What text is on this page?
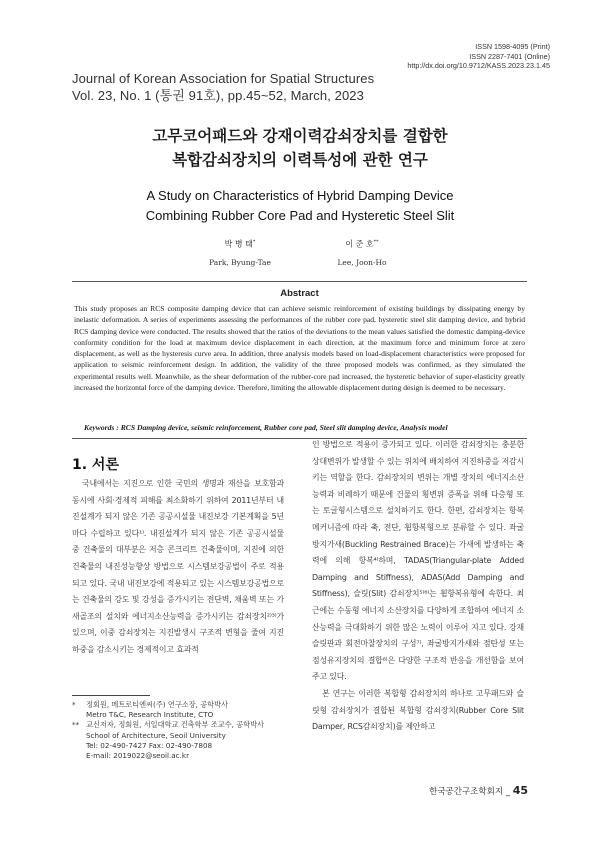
ISSN 1598-4095 (Print)
ISSN 2287-7401 (Online)
http://dx.doi.org/10.9712/KASS.2023.23.1.45
Journal of Korean Association for Spatial Structures
Vol. 23, No. 1 (통권 91호), pp.45~52, March, 2023
고무코어패드와 강재이력감쇠장치를 결합한
복합감쇠장치의 이력특성에 관한 연구
A Study on Characteristics of Hybrid Damping Device
Combining Rubber Core Pad and Hysteretic Steel Slit
박 병 태*
Park, Byung-Tae
이 준 호**
Lee, Joon-Ho
Abstract
This study proposes an RCS composite damping device that can achieve seismic reinforcement of existing buildings by dissipating energy by inelastic deformation. A series of experiments assessing the performances of the rubber core pad, hysteretic steel slit damping device, and hybrid RCS damping device were conducted. The results showed that the ratios of the deviations to the mean values satisfied the domestic damping-device conformity condition for the load at maximum device displacement in each direction, at the maximum force and minimum force at zero displacement, as well as the hysteresis curve area. In addition, three analysis models based on load-displacement characteristics were proposed for application to seismic reinforcement design. In addition, the validity of the three proposed models was confirmed, as they simulated the experimental results well. Meanwhile, as the shear deformation of the rubber-core pad increased, the hysteretic behavior of super-elasticity greatly increased the horizontal force of the damping device. Therefore, limiting the allowable displacement during design is deemed to be necessary.
Keywords : RCS Damping device, seismic reinforcement, Rubber core pad, Steel slit damping device, Analysis model
1. 서론

국내에서는 지진으로 인한 국민의 생명과 재산을 보호함과 동시에 사회·경제적 피해를 최소화하기 위하여 2011년부터 내진설계가 되지 않은 기존 공공시설물 내진보강 기본계획을 5년마다 수립하고 있다¹⁾. 내진설계가 되지 않은 기존 공공시설물 중 건축물의 대부분은 저층 콘크리트 건축물이며, 지진에 의한 건축물의 내진성능향상 방법으로 시스템보강공법이 주로 적용되고 있다. 국내 내진보강에 적용되고 있는 시스템보강공법으로는 건축물의 강도 및 강성을 증가시키는 전단벽, 채움벽 또는 가새골조의 설치와 에너지소산능력을 증가시키는 감쇠장치²⁾³⁾가 있으며, 이중 감쇠장치는 지진발생시 구조적 변형을 줄여 지진하중을 감소시키는 경제적이고 효과적

인 방법으로 적용이 증가되고 있다. 이러한 감쇠장치는 충분한 상대변위가 발생할 수 있는 위치에 배치하여 지진하중을 저감시키는 역할을 한다. 감쇠장치의 변위는 개별 장치의 에너지소산능력과 비례하기 때문에 건물의 횡변위 증폭을 위해 다층형 또는 토글형시스템으로 설치하기도 한다. 한편, 감쇠장치는 항복메커니즘에 따라 축, 전단, 휨항복형으로 분류할 수 있다. 좌굴방지가새(Buckling Restrained Brace)는 가새에 발생하는 축력에 의해 항복⁴⁾하며, TADAS(Triangular-plate Added Damping and Stiffness), ADAS(Add Damping and Stiffness), 슬릿(Slit) 감쇠장치⁵⁾⁶⁾는 휨항복유형에 속한다. 최근에는 수동형 에너지 소산장치를 다양하게 조합하여 에너지 소산능력을 극대화하기 위한 많은 노력이 이루어 지고 있다. 강재슬릿판과 회전마찰장치의 구성⁷⁾, 좌굴방지가새와 점탄성 또는 점성유지장치의 결합⁸⁾은 다양한 구조적 반응을 개선함을 보여주고 있다.

본 연구는 이러한 복합형 감쇠장치의 하나로 고무패드와 슬릿형 감쇠장치가 결합된 복합형 감쇠장치(Rubber Core Slit Damper, RCS감쇠장치)를 제안하고

*	정회원, 메트로티엔씨(주) 연구소장, 공학박사
Metro T&C, Research Institute, CTO
** 교신저자, 정회원, 서일대학교 건축학부 조교수, 공학박사
School of Architecture, Seoil University
Tel: 02-490-7427 Fax: 02-490-7808
E-mail: 2019022@seoil.ac.kr
한국공간구조학회지 _ 45
